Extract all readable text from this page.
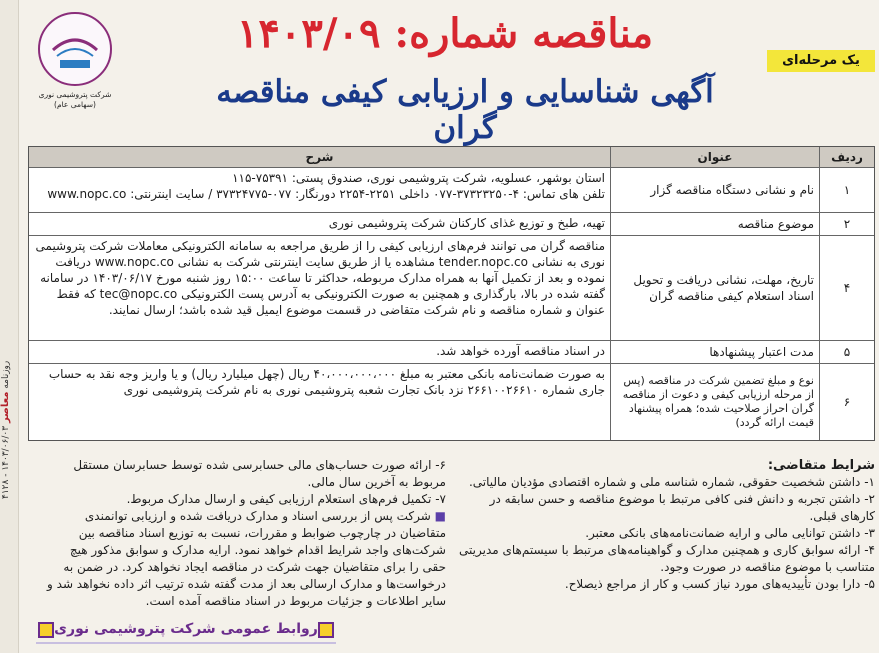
روزنامه معاصر ۱۴۰۳/۰۶/۰۳ - ۴۱۲۸
یک مرحله‌ای
مناقصه شماره: ۱۴۰۳/۰۹
آگهی شناسایی و ارزیابی کیفی مناقصه گران
شرکت پتروشیمی نوری
(سهامی عام)
ردیف
عنوان
شرح
۱
نام و نشانی دستگاه مناقصه گزار
استان بوشهر، عسلویه، شرکت پتروشیمی نوری، صندوق پستی: ۷۵۳۹۱-۱۱۵
تلفن های تماس: ۴-۳۷۳۲۳۲۵۰-۰۷۷ داخلی ۲۲۵۱-۲۲۵۴ دورنگار: ۰۷۷-۳۷۳۲۴۷۷۵ / سایت اینترنتی: www.nopc.co
۲
موضوع مناقصه
تهیه، طبخ و توزیع غذای کارکنان شرکت پتروشیمی نوری
۴
تاریخ، مهلت، نشانی دریافت و تحویل اسناد استعلام کیفی مناقصه گران
مناقصه گران می توانند فرم‌های ارزیابی کیفی را از طریق مراجعه به سامانه الکترونیکی معاملات شرکت پتروشیمی نوری به نشانی tender.nopc.co مشاهده یا از طریق سایت اینترنتی شرکت به نشانی www.nopc.co دریافت نموده و بعد از تکمیل آنها به همراه مدارک مربوطه، حداکثر تا ساعت ۱۵:۰۰ روز شنبه مورخ ۱۴۰۳/۰۶/۱۷ در سامانه گفته شده در بالا، بارگذاری و همچنین به صورت الکترونیکی به آدرس پست الکترونیکی tec@nopc.co که فقط عنوان و شماره مناقصه و نام شرکت متقاضی در قسمت موضوع ایمیل قید شده باشد؛ ارسال نمایند.
۵
مدت اعتبار پیشنهادها
در اسناد مناقصه آورده خواهد شد.
۶
نوع و مبلغ تضمین شرکت در مناقصه (پس از مرحله ارزیابی کیفی و دعوت از مناقصه گران احراز صلاحیت شده؛ همراه پیشنهاد قیمت ارائه گردد)
به صورت ضمانت‌نامه بانکی معتبر به مبلغ ۴۰،۰۰۰،۰۰۰،۰۰۰ ریال (چهل میلیارد ریال) و یا واریز وجه نقد به حساب جاری شماره ۲۶۶۱۰۰۲۶۶۱۰ نزد بانک تجارت شعبه پتروشیمی نوری به نام شرکت پتروشیمی نوری
شرایط متقاضی:

۱- داشتن شخصیت حقوقی، شماره شناسه ملی و شماره اقتصادی مؤدیان مالیاتی.

۲- داشتن تجربه و دانش فنی کافی مرتبط با موضوع مناقصه و حسن سابقه در کارهای قبلی.

۳- داشتن توانایی مالی و ارایه ضمانت‌نامه‌های بانکی معتبر.

۴- ارائه سوابق کاری و همچنین مدارک و گواهینامه‌های مرتبط با سیستم‌های مدیریتی متناسب با موضوع مناقصه در صورت وجود.

۵- دارا بودن تأییدیه‌های مورد نیاز کسب و کار از مراجع ذیصلاح.

۶- ارائه صورت حساب‌های مالی حسابرسی شده توسط حسابرسان مستقل مربوط به آخرین سال مالی.

۷- تکمیل فرم‌های استعلام ارزیابی کیفی و ارسال مدارک مربوط.

■ شرکت پس از بررسی اسناد و مدارک دریافت شده و ارزیابی توانمندی متقاضیان در چارچوب ضوابط و مقررات، نسبت به توزیع اسناد مناقصه بین شرکت‌های واجد شرایط اقدام خواهد نمود. ارایه مدارک و سوابق مذکور هیچ حقی را برای متقاضیان جهت شرکت در مناقصه ایجاد نخواهد کرد. در ضمن به درخواست‌ها و مدارک ارسالی بعد از مدت گفته شده ترتیب اثر داده نخواهد شد و سایر اطلاعات و جزئیات مربوط در اسناد مناقصه آمده است.

روابط عمومی شرکت پتروشیمی نوری
